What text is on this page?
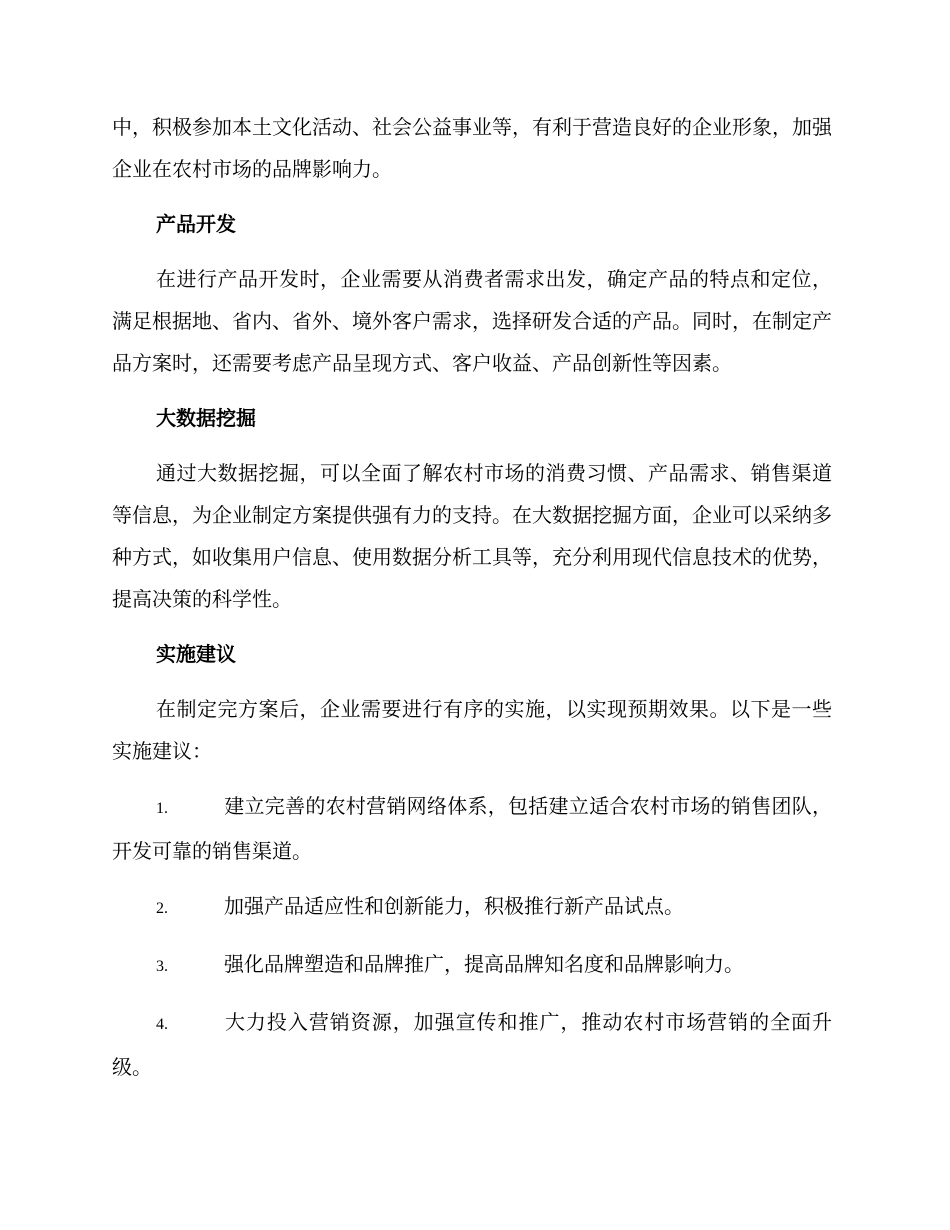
中，积极参加本土文化活动、社会公益事业等，有利于营造良好的企业形象，加强企业在农村市场的品牌影响力。

产品开发

在进行产品开发时，企业需要从消费者需求出发，确定产品的特点和定位，满足根据地、省内、省外、境外客户需求，选择研发合适的产品。同时，在制定产品方案时，还需要考虑产品呈现方式、客户收益、产品创新性等因素。

大数据挖掘

通过大数据挖掘，可以全面了解农村市场的消费习惯、产品需求、销售渠道等信息，为企业制定方案提供强有力的支持。在大数据挖掘方面，企业可以采纳多种方式，如收集用户信息、使用数据分析工具等，充分利用现代信息技术的优势，提高决策的科学性。

实施建议

在制定完方案后，企业需要进行有序的实施，以实现预期效果。以下是一些实施建议：

1.	建立完善的农村营销网络体系，包括建立适合农村市场的销售团队，开发可靠的销售渠道。

2.	加强产品适应性和创新能力，积极推行新产品试点。

3.	强化品牌塑造和品牌推广，提高品牌知名度和品牌影响力。

4.	大力投入营销资源，加强宣传和推广，推动农村市场营销的全面升级。
